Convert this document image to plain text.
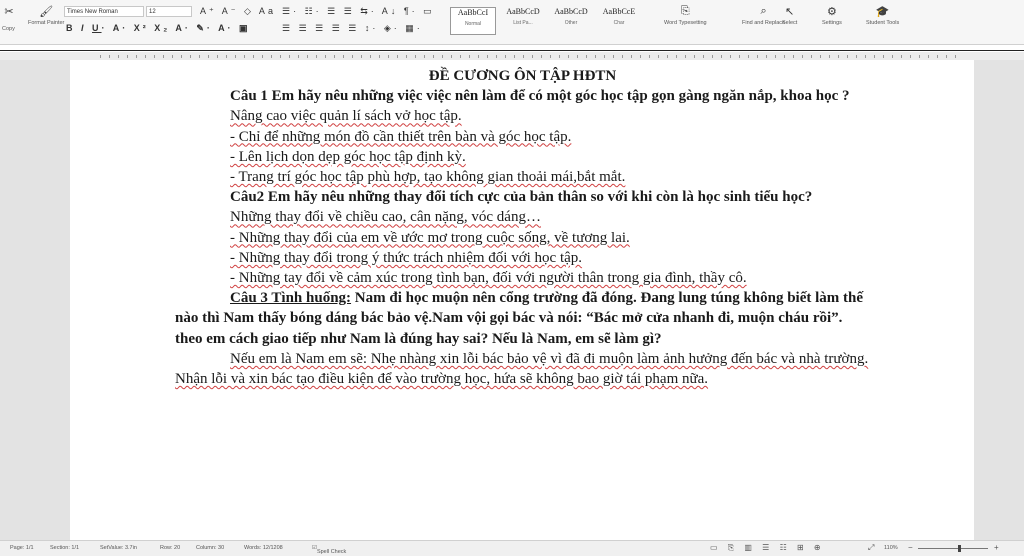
✂
Copy
🖌
Format Painter
Times New Roman	12	A⁺ A⁻ ◇ Aa
B I U· A· X² X₂ A· ✎· A· ▣
☰· ☷· ☰ ☰ ⇆· A↓ ¶· ▭
☰ ☰ ☰ ☰ ☰ ↕· ◈· ▦·
AaBbCcI
Normal
AaBbCcD
List Pa...
AaBbCcD
Other
AaBbCcE
Char
⎘
Word Typesetting
⌕
Find and Replace
↖
Select
⚙
Settings
🎓
Student Tools

ĐỀ CƯƠNG ÔN TẬP HĐTN

Câu 1 Em hãy nêu những việc việc nên làm để có một góc học tập gọn gàng ngăn nắp, khoa học ?

Nâng cao việc quản lí sách vở học tập.

- Chỉ để những món đồ cần thiết trên bàn và góc học tập.

- Lên lịch dọn dẹp góc học tập định kỳ.

- Trang trí góc học tập phù hợp, tạo không gian thoải mái,bắt mắt.

Câu2 Em hãy nêu những thay đổi tích cực của bản thân so với khi còn là học sinh tiểu học?

Những thay đổi về chiều cao, cân nặng, vóc dáng…

- Những thay đổi của em về ước mơ trong cuộc sống, về tương lai.

- Những thay đổi trong ý thức trách nhiệm đối với học tập.

- Những tay đổi về cảm xúc trong tình bạn, đối với người thân trong gia đình, thầy cô.

Câu 3 Tình huống: Nam đi học muộn nên cổng trường đã đóng. Đang lung túng không biết làm thế nào thì Nam thấy bóng dáng bác bảo vệ.Nam vội gọi bác và nói: “Bác mở cửa nhanh đi, muộn cháu rồi”. theo em cách giao tiếp như Nam là đúng hay sai? Nếu là Nam, em sẽ làm gì?

Nếu em là Nam em sẽ: Nhẹ nhàng xin lỗi bác bảo vệ vì đã đi muộn làm ảnh hưởng đến bác và nhà trường. Nhận lỗi và xin bác tạo điều kiện để vào trường học, hứa sẽ không bao giờ tái phạm nữa.

Page: 1/1	Section: 1/1	SetValue: 3.7in	Row: 20	Column: 30	Words: 12/1208	☑
Spell Check	▭ ⎘ ▥ ☰ ☷ ⊞ ⊕	⤢ 110% −	+
